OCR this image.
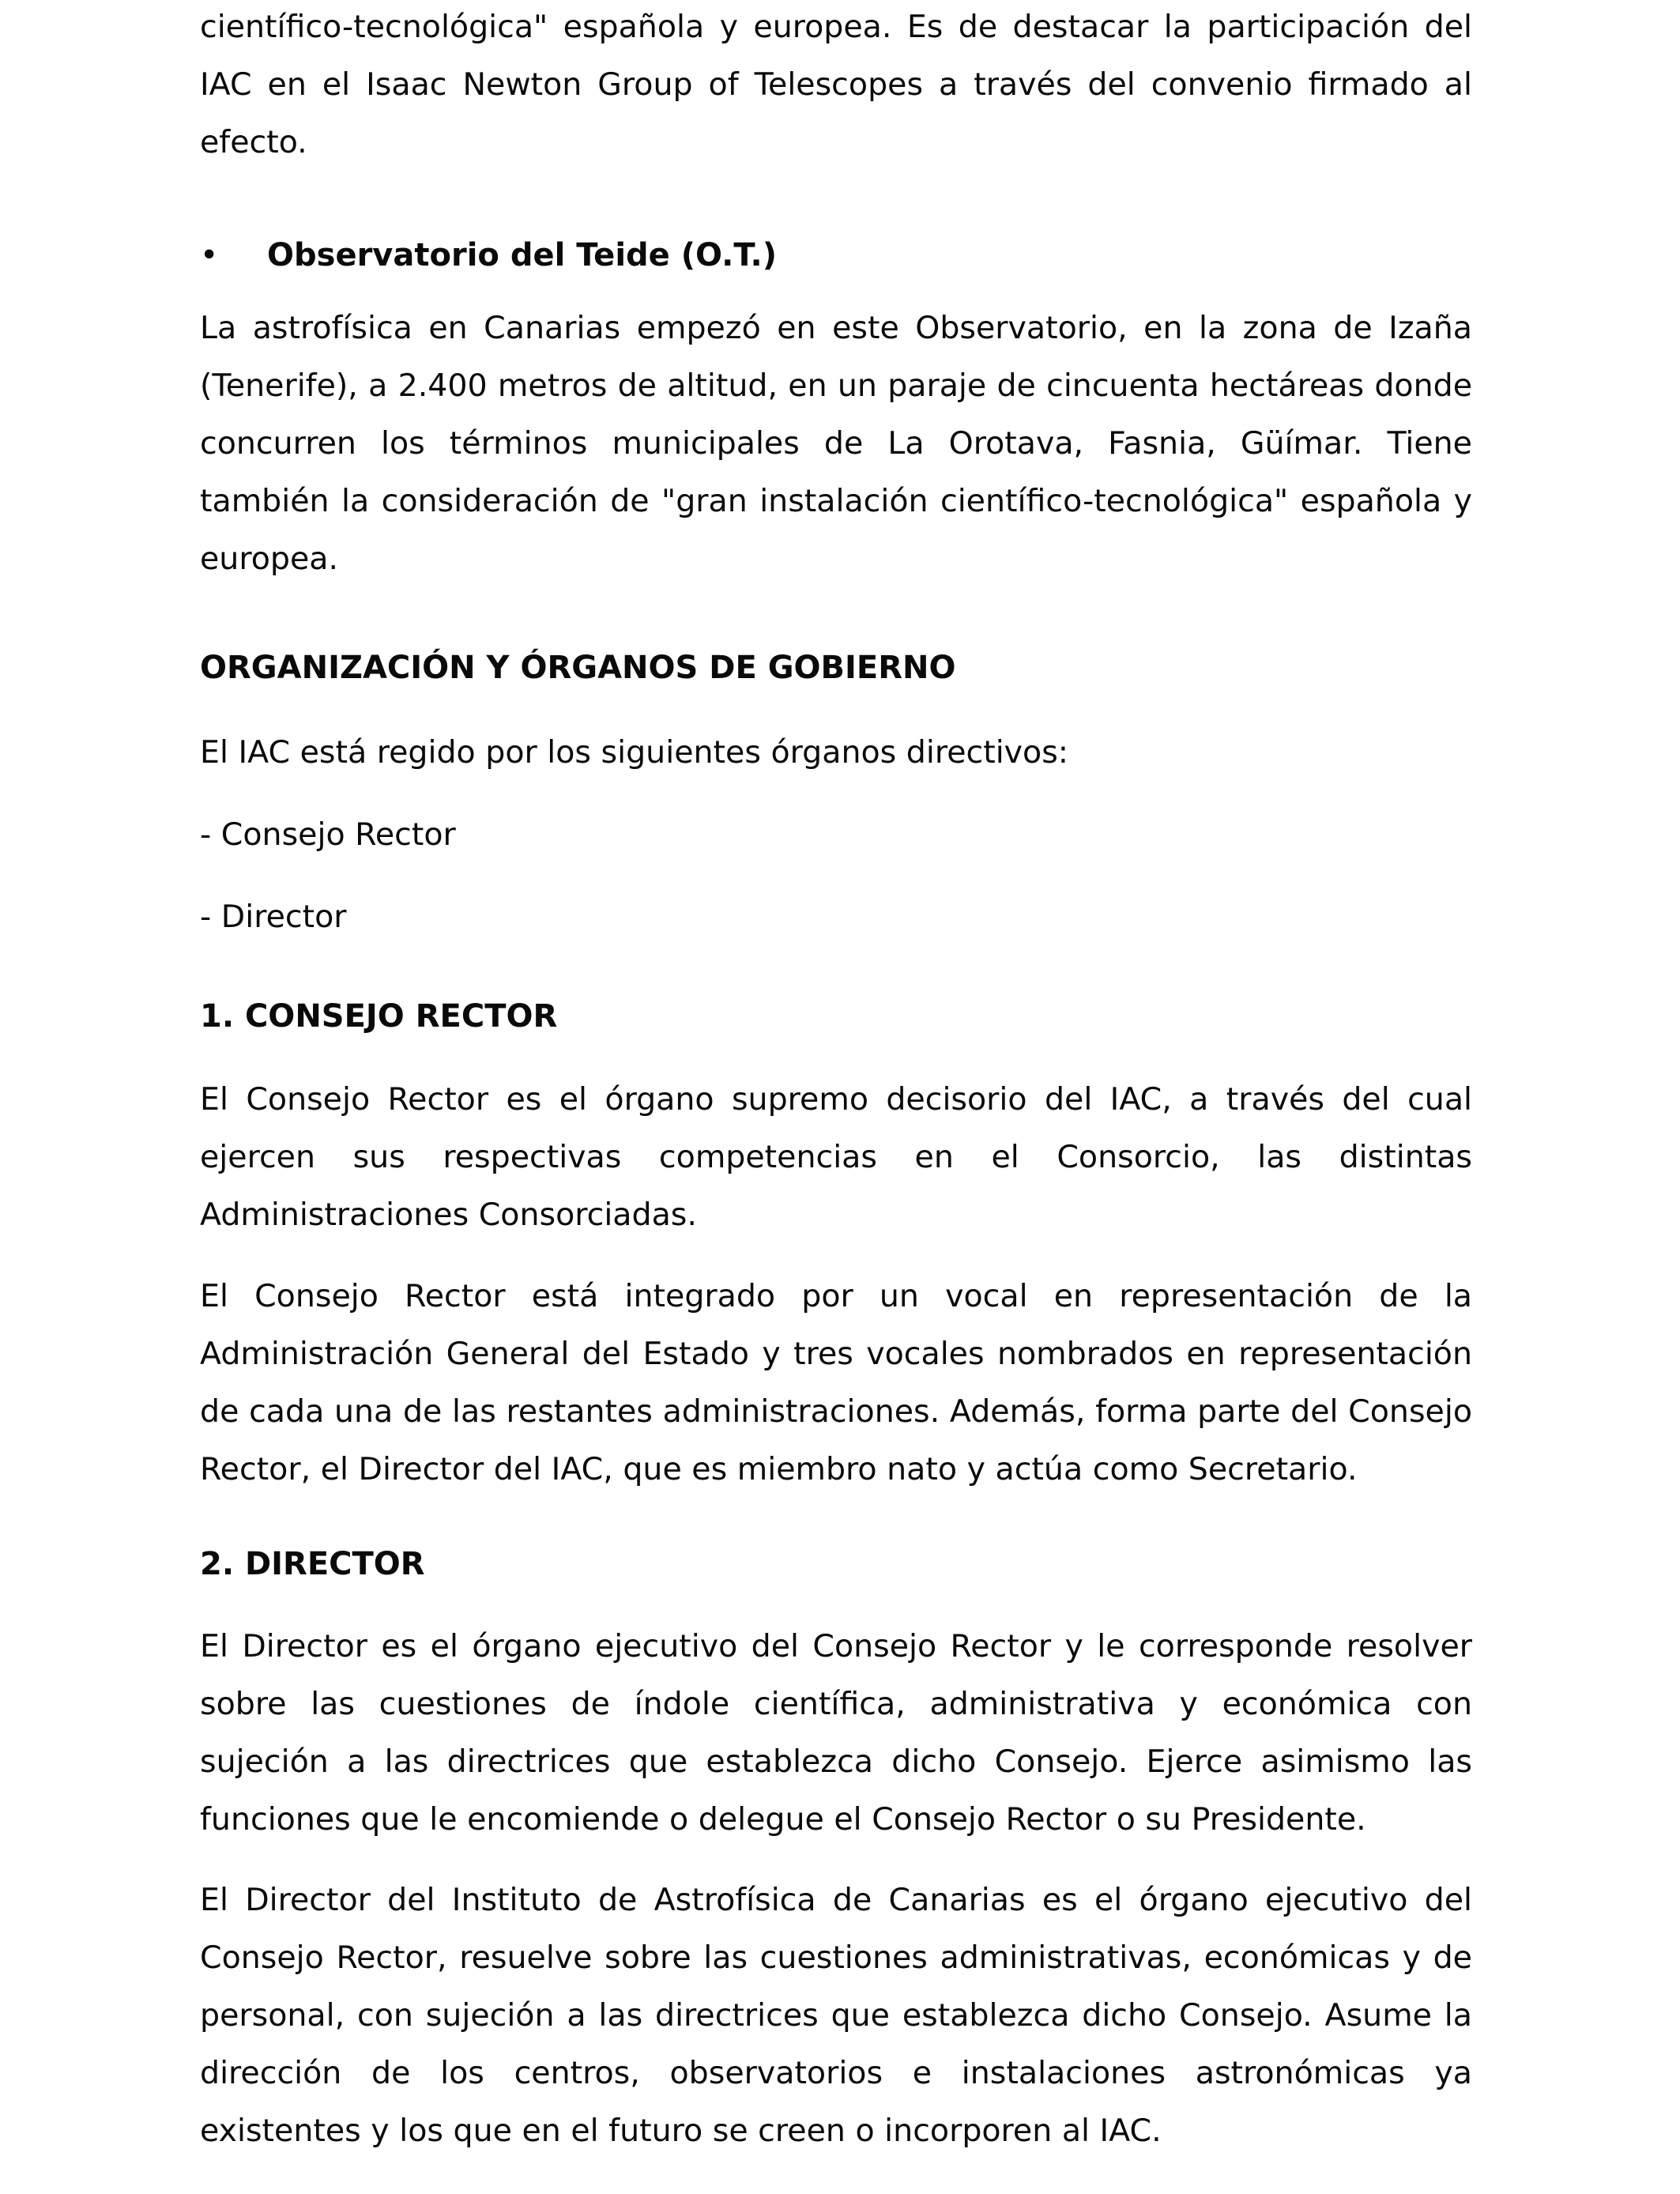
científico-tecnológica" española y europea. Es de destacar la participación del IAC en el Isaac Newton Group of Telescopes a través del convenio firmado al efecto.

•	Observatorio del Teide (O.T.)

La astrofísica en Canarias empezó en este Observatorio, en la zona de Izaña (Tenerife), a 2.400 metros de altitud, en un paraje de cincuenta hectáreas donde concurren los términos municipales de La Orotava, Fasnia, Güímar. Tiene también la consideración de "gran instalación científico-tecnológica" española y europea.

ORGANIZACIÓN Y ÓRGANOS DE GOBIERNO

El IAC está regido por los siguientes órganos directivos:

- Consejo Rector

- Director

1. CONSEJO RECTOR

El Consejo Rector es el órgano supremo decisorio del IAC, a través del cual ejercen sus respectivas competencias en el Consorcio, las distintas Administraciones Consorciadas.

El Consejo Rector está integrado por un vocal en representación de la Administración General del Estado y tres vocales nombrados en representación de cada una de las restantes administraciones. Además, forma parte del Consejo Rector, el Director del IAC, que es miembro nato y actúa como Secretario.

2. DIRECTOR

El Director es el órgano ejecutivo del Consejo Rector y le corresponde resolver sobre las cuestiones de índole científica, administrativa y económica con sujeción a las directrices que establezca dicho Consejo. Ejerce asimismo las funciones que le encomiende o delegue el Consejo Rector o su Presidente.

El Director del Instituto de Astrofísica de Canarias es el órgano ejecutivo del Consejo Rector, resuelve sobre las cuestiones administrativas, económicas y de personal, con sujeción a las directrices que establezca dicho Consejo. Asume la dirección de los centros, observatorios e instalaciones astronómicas ya existentes y los que en el futuro se creen o incorporen al IAC.
